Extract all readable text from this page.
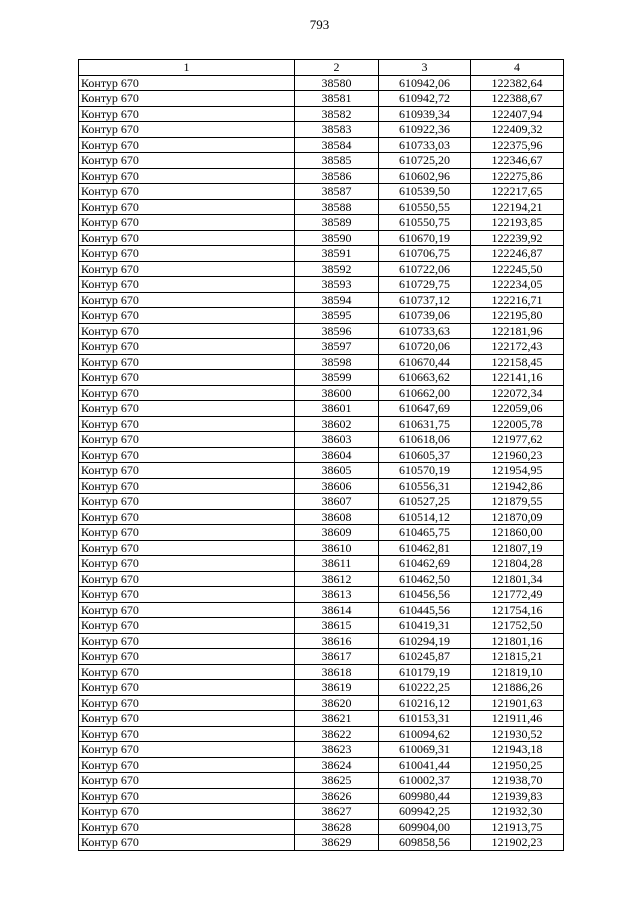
793
1	2	3	4
Контур 670	38580	610942,06	122382,64
Контур 670	38581	610942,72	122388,67
Контур 670	38582	610939,34	122407,94
Контур 670	38583	610922,36	122409,32
Контур 670	38584	610733,03	122375,96
Контур 670	38585	610725,20	122346,67
Контур 670	38586	610602,96	122275,86
Контур 670	38587	610539,50	122217,65
Контур 670	38588	610550,55	122194,21
Контур 670	38589	610550,75	122193,85
Контур 670	38590	610670,19	122239,92
Контур 670	38591	610706,75	122246,87
Контур 670	38592	610722,06	122245,50
Контур 670	38593	610729,75	122234,05
Контур 670	38594	610737,12	122216,71
Контур 670	38595	610739,06	122195,80
Контур 670	38596	610733,63	122181,96
Контур 670	38597	610720,06	122172,43
Контур 670	38598	610670,44	122158,45
Контур 670	38599	610663,62	122141,16
Контур 670	38600	610662,00	122072,34
Контур 670	38601	610647,69	122059,06
Контур 670	38602	610631,75	122005,78
Контур 670	38603	610618,06	121977,62
Контур 670	38604	610605,37	121960,23
Контур 670	38605	610570,19	121954,95
Контур 670	38606	610556,31	121942,86
Контур 670	38607	610527,25	121879,55
Контур 670	38608	610514,12	121870,09
Контур 670	38609	610465,75	121860,00
Контур 670	38610	610462,81	121807,19
Контур 670	38611	610462,69	121804,28
Контур 670	38612	610462,50	121801,34
Контур 670	38613	610456,56	121772,49
Контур 670	38614	610445,56	121754,16
Контур 670	38615	610419,31	121752,50
Контур 670	38616	610294,19	121801,16
Контур 670	38617	610245,87	121815,21
Контур 670	38618	610179,19	121819,10
Контур 670	38619	610222,25	121886,26
Контур 670	38620	610216,12	121901,63
Контур 670	38621	610153,31	121911,46
Контур 670	38622	610094,62	121930,52
Контур 670	38623	610069,31	121943,18
Контур 670	38624	610041,44	121950,25
Контур 670	38625	610002,37	121938,70
Контур 670	38626	609980,44	121939,83
Контур 670	38627	609942,25	121932,30
Контур 670	38628	609904,00	121913,75
Контур 670	38629	609858,56	121902,23
